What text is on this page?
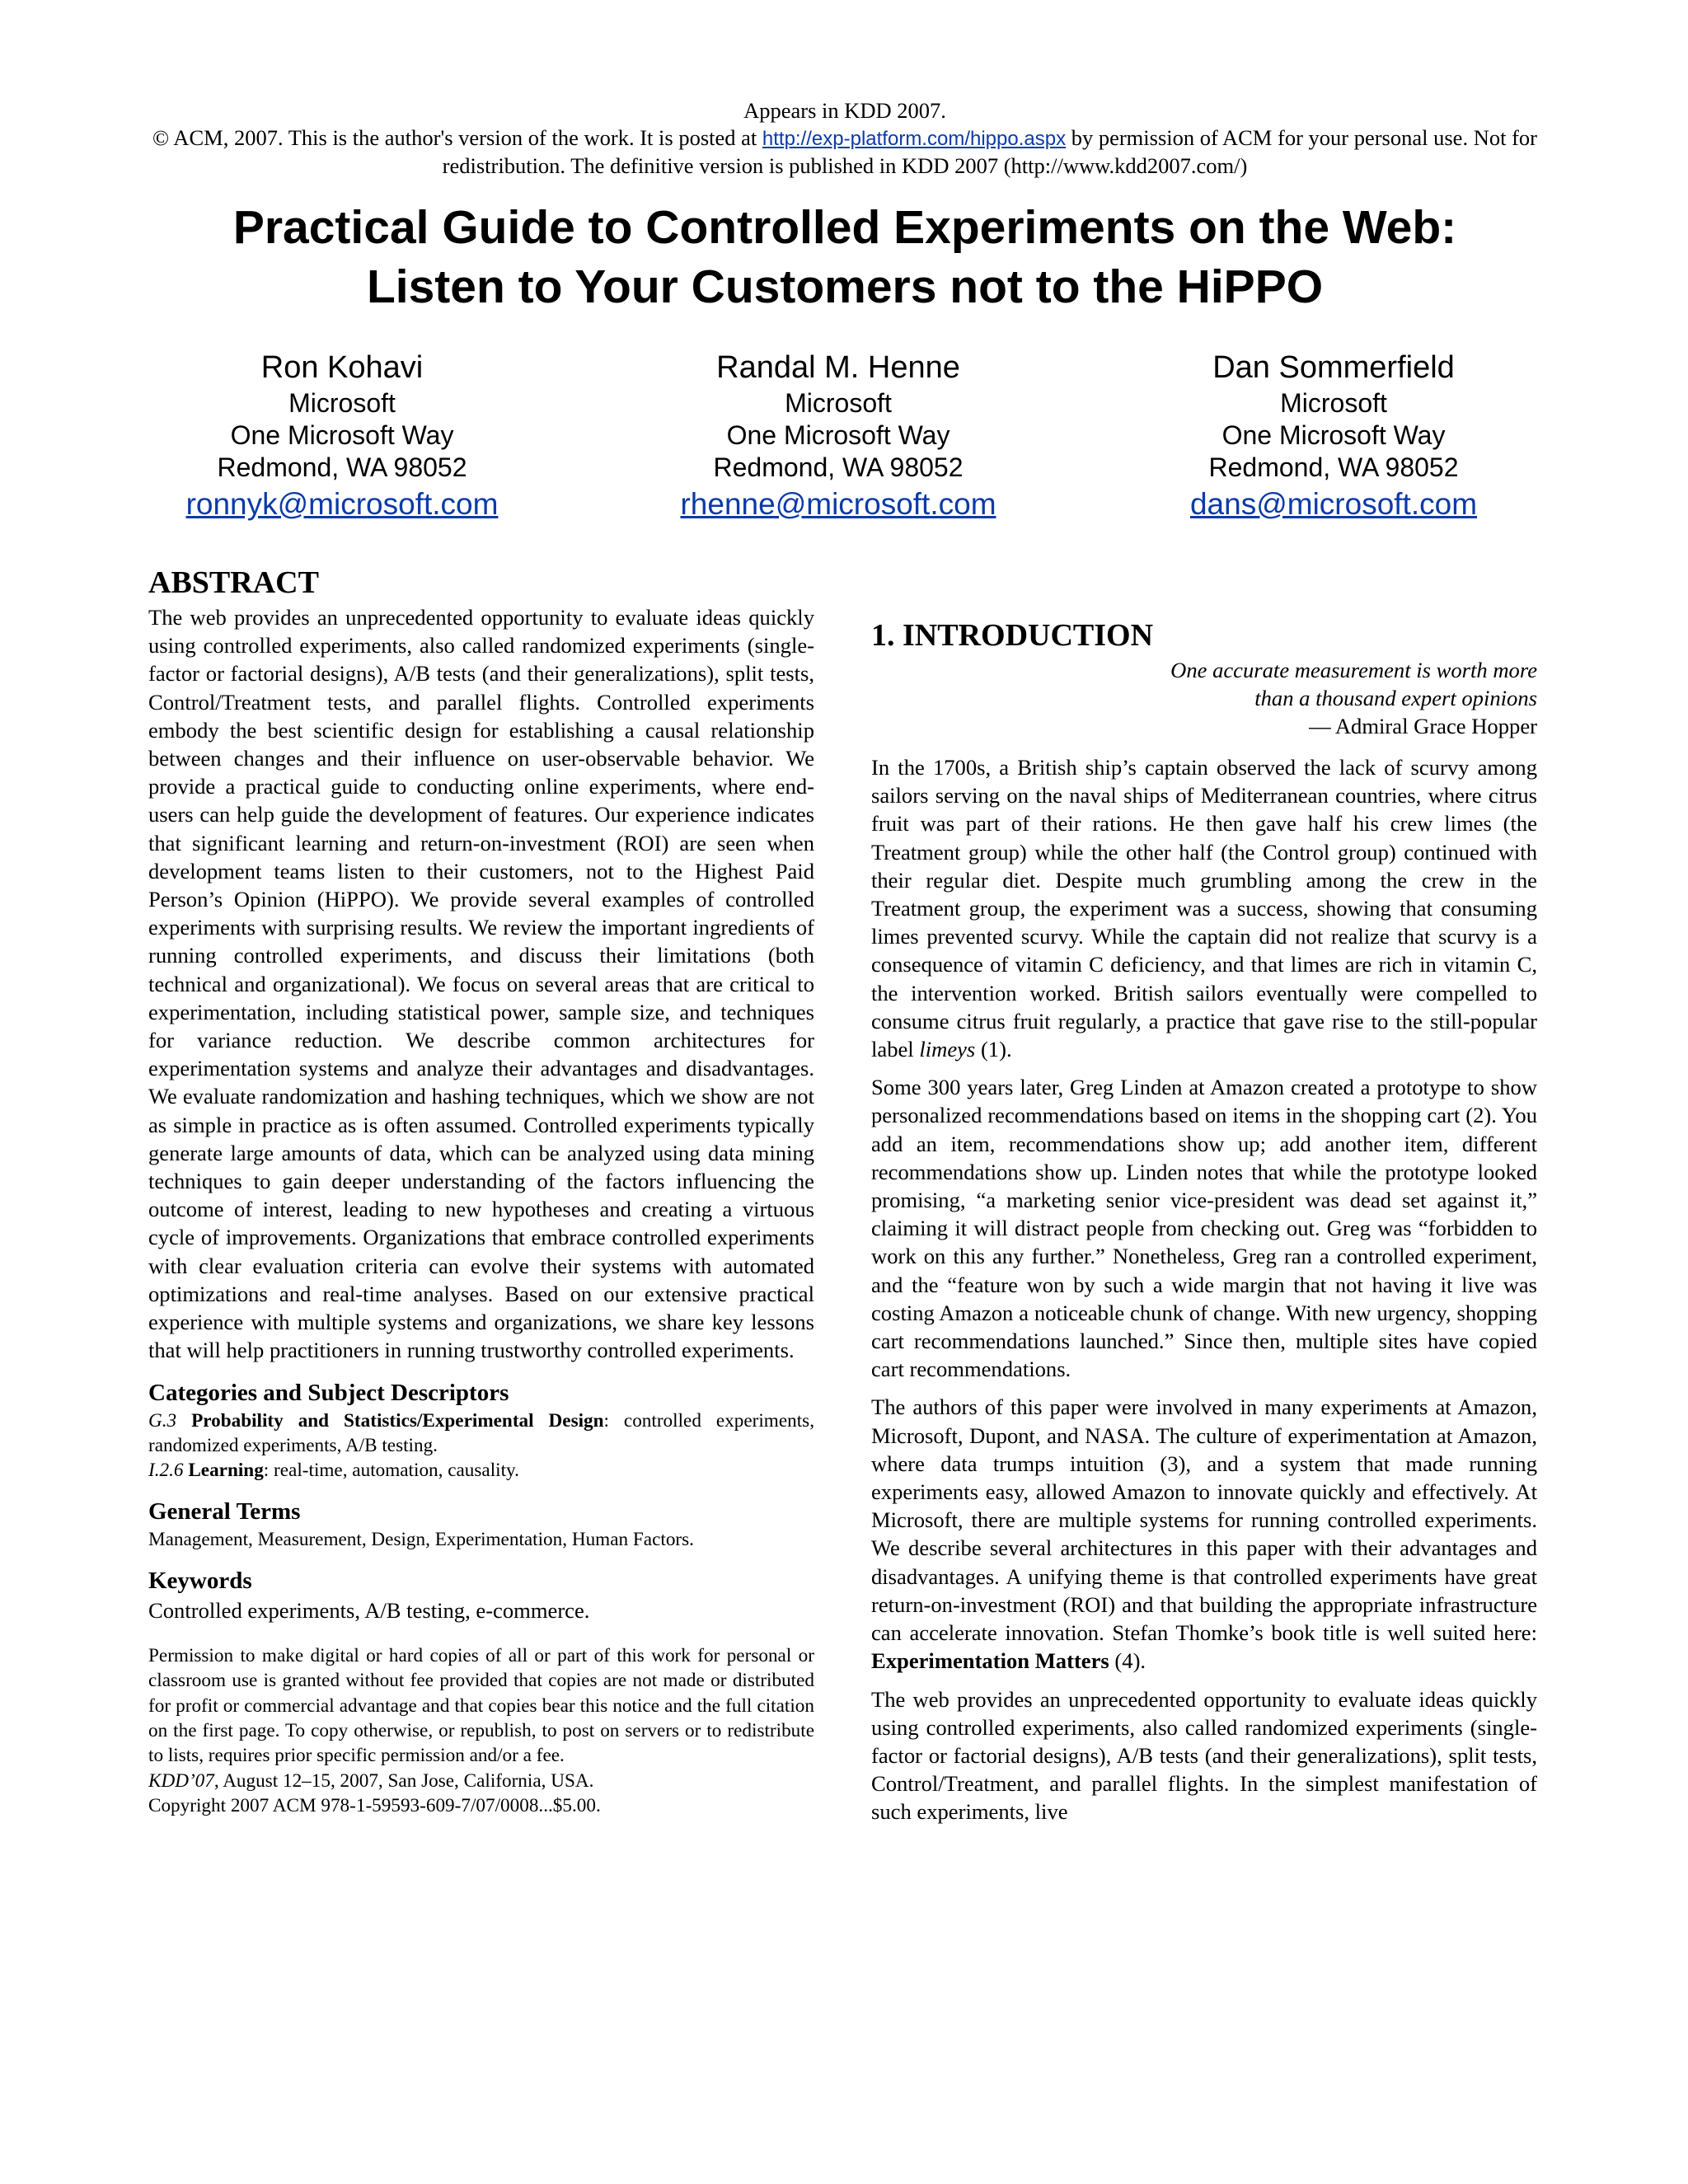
Appears in KDD 2007.
© ACM, 2007. This is the author's version of the work. It is posted at http://exp-platform.com/hippo.aspx by permission of ACM for your personal use. Not for redistribution. The definitive version is published in KDD 2007 (http://www.kdd2007.com/)
Practical Guide to Controlled Experiments on the Web:
Listen to Your Customers not to the HiPPO
Ron Kohavi
Microsoft
One Microsoft Way
Redmond, WA 98052
ronnyk@microsoft.com
Randal M. Henne
Microsoft
One Microsoft Way
Redmond, WA 98052
rhenne@microsoft.com
Dan Sommerfield
Microsoft
One Microsoft Way
Redmond, WA 98052
dans@microsoft.com
ABSTRACT

The web provides an unprecedented opportunity to evaluate ideas quickly using controlled experiments, also called randomized experiments (single-factor or factorial designs), A/B tests (and their generalizations), split tests, Control/Treatment tests, and parallel flights. Controlled experiments embody the best scientific design for establishing a causal relationship between changes and their influence on user-observable behavior. We provide a practical guide to conducting online experiments, where end-users can help guide the development of features. Our experience indicates that significant learning and return-on-investment (ROI) are seen when development teams listen to their customers, not to the Highest Paid Person’s Opinion (HiPPO). We provide several examples of controlled experiments with surprising results. We review the important ingredients of running controlled experiments, and discuss their limitations (both technical and organizational). We focus on several areas that are critical to experimentation, including statistical power, sample size, and techniques for variance reduction. We describe common architectures for experimentation systems and analyze their advantages and disadvantages. We evaluate randomization and hashing techniques, which we show are not as simple in practice as is often assumed. Controlled experiments typically generate large amounts of data, which can be analyzed using data mining techniques to gain deeper understanding of the factors influencing the outcome of interest, leading to new hypotheses and creating a virtuous cycle of improvements. Organizations that embrace controlled experiments with clear evaluation criteria can evolve their systems with automated optimizations and real-time analyses. Based on our extensive practical experience with multiple systems and organizations, we share key lessons that will help practitioners in running trustworthy controlled experiments.

Categories and Subject Descriptors

G.3 Probability and Statistics/Experimental Design: controlled experiments, randomized experiments, A/B testing.
I.2.6 Learning: real-time, automation, causality.

General Terms

Management, Measurement, Design, Experimentation, Human Factors.

Keywords

Controlled experiments, A/B testing, e-commerce.

Permission to make digital or hard copies of all or part of this work for personal or classroom use is granted without fee provided that copies are not made or distributed for profit or commercial advantage and that copies bear this notice and the full citation on the first page. To copy otherwise, or republish, to post on servers or to redistribute to lists, requires prior specific permission and/or a fee.
KDD’07, August 12–15, 2007, San Jose, California, USA.
Copyright 2007 ACM 978-1-59593-609-7/07/0008...$5.00.

1. INTRODUCTION

One accurate measurement is worth more
than a thousand expert opinions
— Admiral Grace Hopper

In the 1700s, a British ship’s captain observed the lack of scurvy among sailors serving on the naval ships of Mediterranean countries, where citrus fruit was part of their rations. He then gave half his crew limes (the Treatment group) while the other half (the Control group) continued with their regular diet. Despite much grumbling among the crew in the Treatment group, the experiment was a success, showing that consuming limes prevented scurvy. While the captain did not realize that scurvy is a consequence of vitamin C deficiency, and that limes are rich in vitamin C, the intervention worked. British sailors eventually were compelled to consume citrus fruit regularly, a practice that gave rise to the still-popular label limeys (1).

Some 300 years later, Greg Linden at Amazon created a prototype to show personalized recommendations based on items in the shopping cart (2). You add an item, recommendations show up; add another item, different recommendations show up. Linden notes that while the prototype looked promising, “a marketing senior vice-president was dead set against it,” claiming it will distract people from checking out. Greg was “forbidden to work on this any further.” Nonetheless, Greg ran a controlled experiment, and the “feature won by such a wide margin that not having it live was costing Amazon a noticeable chunk of change. With new urgency, shopping cart recommendations launched.” Since then, multiple sites have copied cart recommendations.

The authors of this paper were involved in many experiments at Amazon, Microsoft, Dupont, and NASA. The culture of experimentation at Amazon, where data trumps intuition (3), and a system that made running experiments easy, allowed Amazon to innovate quickly and effectively. At Microsoft, there are multiple systems for running controlled experiments. We describe several architectures in this paper with their advantages and disadvantages. A unifying theme is that controlled experiments have great return-on-investment (ROI) and that building the appropriate infrastructure can accelerate innovation. Stefan Thomke’s book title is well suited here: Experimentation Matters (4).

The web provides an unprecedented opportunity to evaluate ideas quickly using controlled experiments, also called randomized experiments (single-factor or factorial designs), A/B tests (and their generalizations), split tests, Control/Treatment, and parallel flights. In the simplest manifestation of such experiments, live
